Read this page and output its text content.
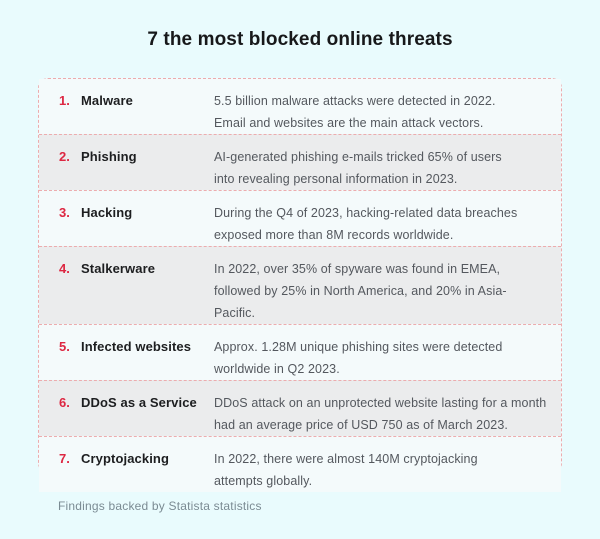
7 the most blocked online threats
1. Malware	5.5 billion malware attacks were detected in 2022.
Email and websites are the main attack vectors.
2. Phishing	AI-generated phishing e-mails tricked 65% of users
into revealing personal information in 2023.
3. Hacking	During the Q4 of 2023, hacking-related data breaches
exposed more than 8M records worldwide.
4. Stalkerware	In 2022, over 35% of spyware was found in EMEA,
followed by 25% in North America, and 20% in Asia-Pacific.
5. Infected websites	Approx. 1.28M unique phishing sites were detected
worldwide in Q2 2023.
6. DDoS as a Service	DDoS attack on an unprotected website lasting for a month
had an average price of USD 750 as of March 2023.
7. Cryptojacking	In 2022, there were almost 140M cryptojacking
attempts globally.
Findings backed by Statista statistics
